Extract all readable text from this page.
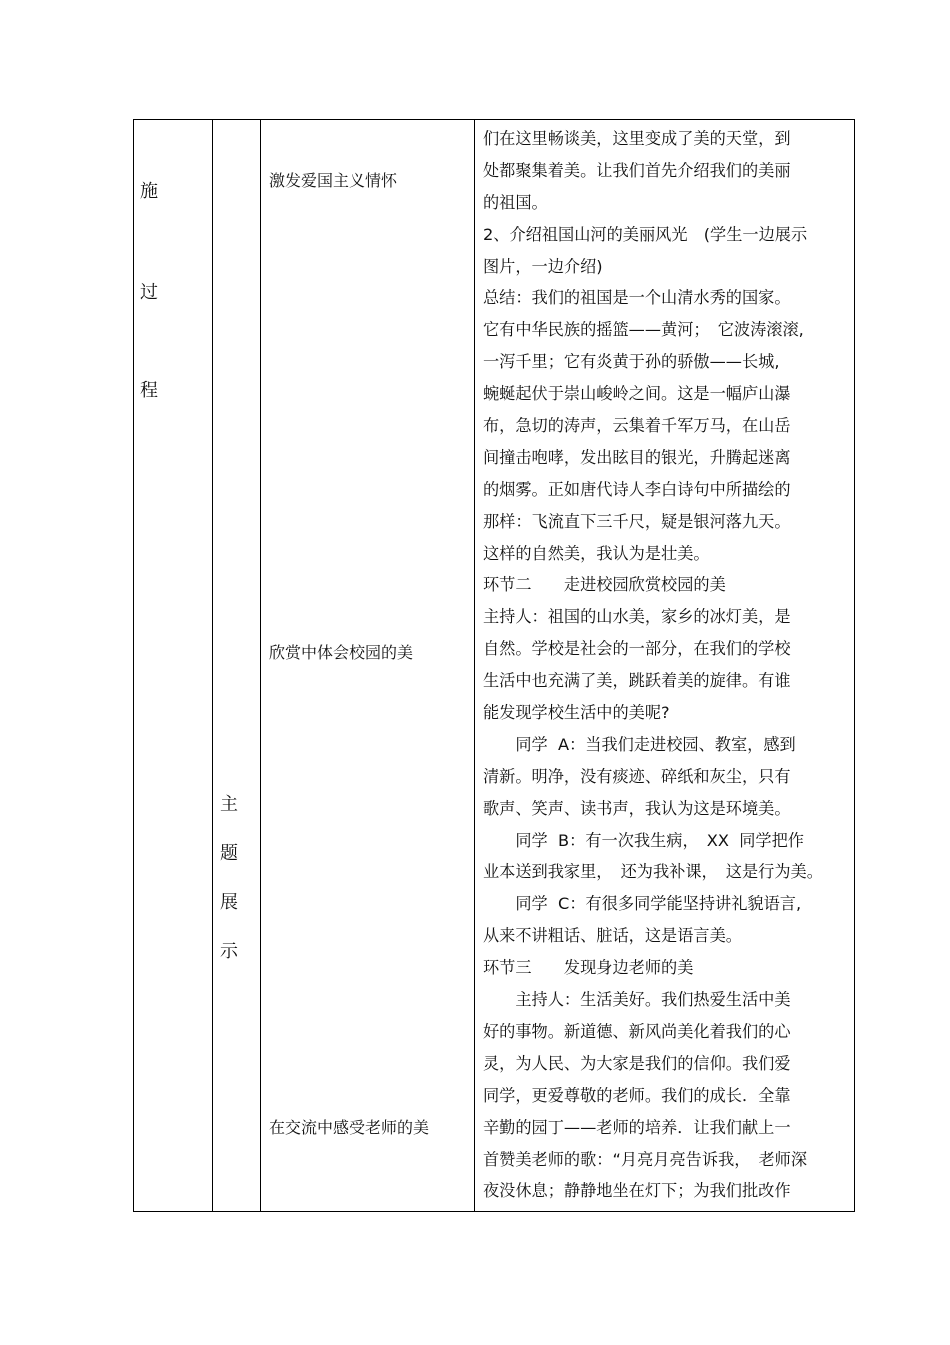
施
过
程
主
题
展
示
激发爱国主义情怀
欣赏中体会校园的美
在交流中感受老师的美
们在这里畅谈美，这里变成了美的天堂，到
处都聚集着美。让我们首先介绍我们的美丽
的祖国。
2、介绍祖国山河的美丽风光　(学生一边展示
图片，一边介绍)
总结：我们的祖国是一个山清水秀的国家。
它有中华民族的摇篮——黄河；　它波涛滚滚,
一泻千里；它有炎黄于孙的骄傲——长城,
蜿蜒起伏于崇山峻岭之间。这是一幅庐山瀑
布，急切的涛声，云集着千军万马，在山岳
间撞击咆哮，发出眩目的银光，升腾起迷离
的烟雾。正如唐代诗人李白诗句中所描绘的
那样：飞流直下三千尺，疑是银河落九天。
这样的自然美，我认为是壮美。
环节二　　走进校园欣赏校园的美
主持人：祖国的山水美，家乡的冰灯美，是
自然。学校是社会的一部分，在我们的学校
生活中也充满了美，跳跃着美的旋律。有谁
能发现学校生活中的美呢?
　　同学  A：当我们走进校园、教室，感到
清新。明净，没有痰迹、碎纸和灰尘，只有
歌声、笑声、读书声，我认为这是环境美。
　　同学  B：有一次我生病，　XX  同学把作
业本送到我家里，　还为我补课，　这是行为美。
　　同学  C：有很多同学能坚持讲礼貌语言,
从来不讲粗话、脏话，这是语言美。
环节三　　发现身边老师的美
　　主持人：生活美好。我们热爱生活中美
好的事物。新道德、新风尚美化着我们的心
灵，为人民、为大家是我们的信仰。我们爱
同学，更爱尊敬的老师。我们的成长．全靠
辛勤的园丁——老师的培养．让我们献上一
首赞美老师的歌：“月亮月亮告诉我，　老师深
夜没休息；静静地坐在灯下；为我们批改作
